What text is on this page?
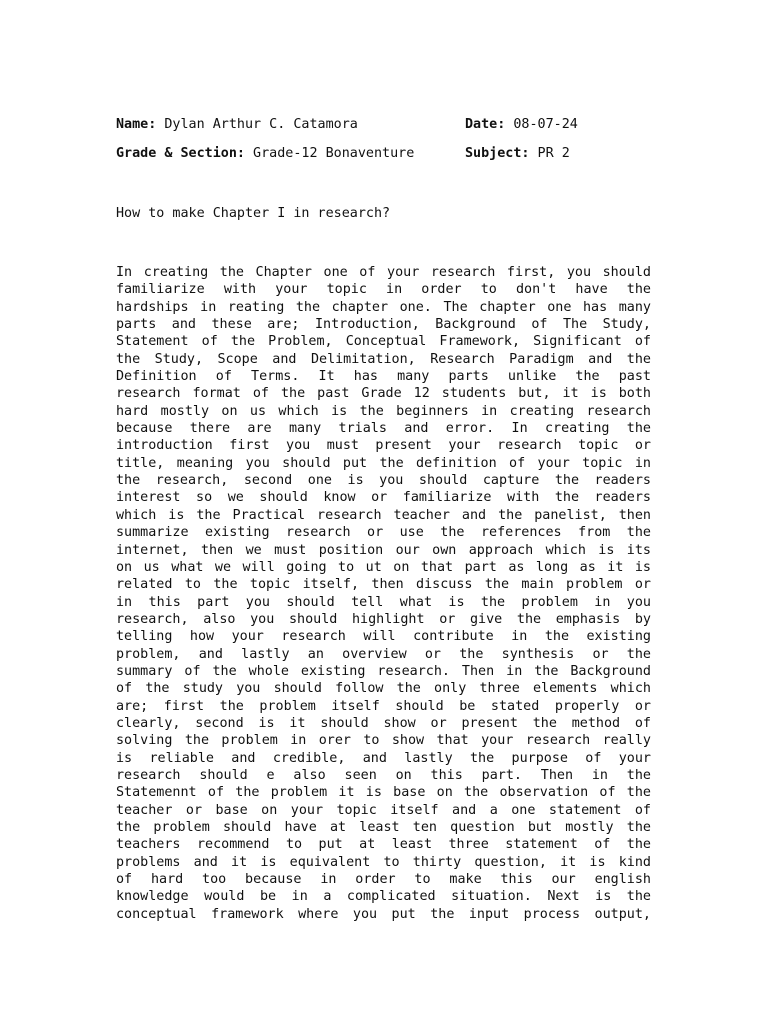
Name: Dylan Arthur C. Catamora

	Date: 08-07-24

Grade & Section: Grade-12 Bonaventure

	Subject: PR 2

How to make Chapter I in research?
In creating the Chapter one of your research first, you should
familiarize with your topic in order to don't have the
hardships in reating the chapter one. The chapter one has many
parts and these are; Introduction, Background of The Study,
Statement of the Problem, Conceptual Framework, Significant of
the Study, Scope and Delimitation, Research Paradigm and the
Definition of Terms. It has many parts unlike the past
research format of the past Grade 12 students but, it is both
hard mostly on us which is the beginners in creating research
because there are many trials and error. In creating the
introduction first you must present your research topic or
title, meaning you should put the definition of your topic in
the research, second one is you should capture the readers
interest so we should know or familiarize with the readers
which is the Practical research teacher and the panelist, then
summarize existing research or use the references from the
internet, then we must position our own approach which is its
on us what we will going to ut on that part as long as it is
related to the topic itself, then discuss the main problem or
in this part you should tell what is the problem in you
research, also you should highlight or give the emphasis by
telling how your research will contribute in the existing
problem, and lastly an overview or the synthesis or the
summary of the whole existing research. Then in the Background
of the study you should follow the only three elements which
are; first the problem itself should be stated properly or
clearly, second is it should show or present the method of
solving the problem in orer to show that your research really
is reliable and credible, and lastly the purpose of your
research should e also seen on this part. Then in the
Statemennt of the problem it is base on the observation of the
teacher or base on your topic itself and a one statement of
the problem should have at least ten question but mostly the
teachers recommend to put at least three statement of the
problems and it is equivalent to thirty question, it is kind
of hard too because in order to make this our english
knowledge would be in a complicated situation. Next is the
conceptual framework where you put the input process output,
